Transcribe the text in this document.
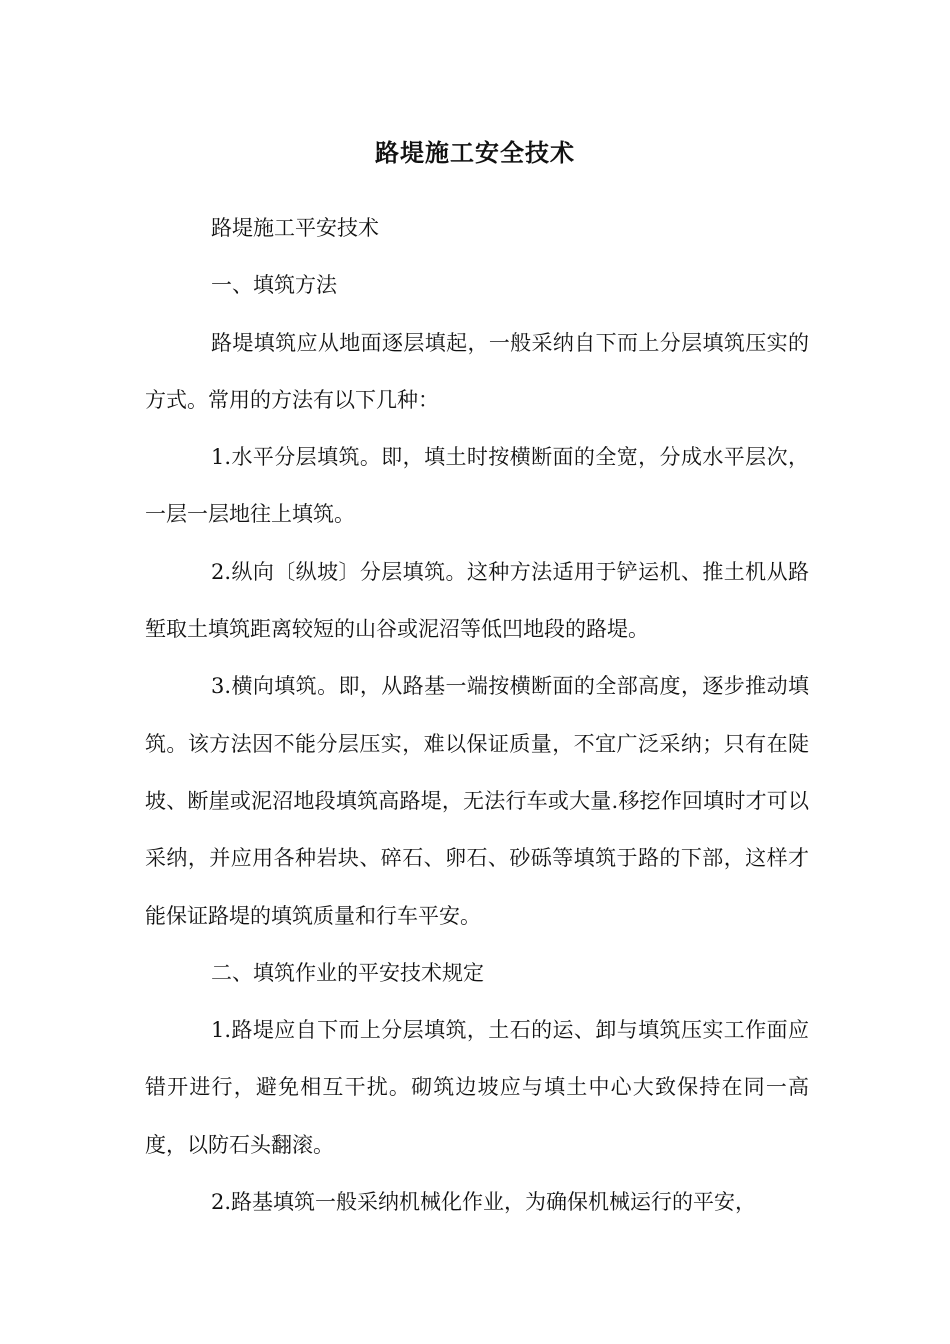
路堤施工安全技术

路堤施工平安技术

一、填筑方法

路堤填筑应从地面逐层填起，一般采纳自下而上分层填筑压实的方式。常用的方法有以下几种：

1.水平分层填筑。即，填土时按横断面的全宽，分成水平层次，一层一层地往上填筑。

2.纵向〔纵坡〕分层填筑。这种方法适用于铲运机、推土机从路堑取土填筑距离较短的山谷或泥沼等低凹地段的路堤。

3.横向填筑。即，从路基一端按横断面的全部高度，逐步推动填筑。该方法因不能分层压实，难以保证质量，不宜广泛采纳；只有在陡坡、断崖或泥沼地段填筑高路堤，无法行车或大量.移挖作回填时才可以采纳，并应用各种岩块、碎石、卵石、砂砾等填筑于路的下部，这样才能保证路堤的填筑质量和行车平安。

二、填筑作业的平安技术规定

1.路堤应自下而上分层填筑，土石的运、卸与填筑压实工作面应错开进行，避免相互干扰。砌筑边坡应与填土中心大致保持在同一高度，以防石头翻滚。

2.路基填筑一般采纳机械化作业，为确保机械运行的平安，
